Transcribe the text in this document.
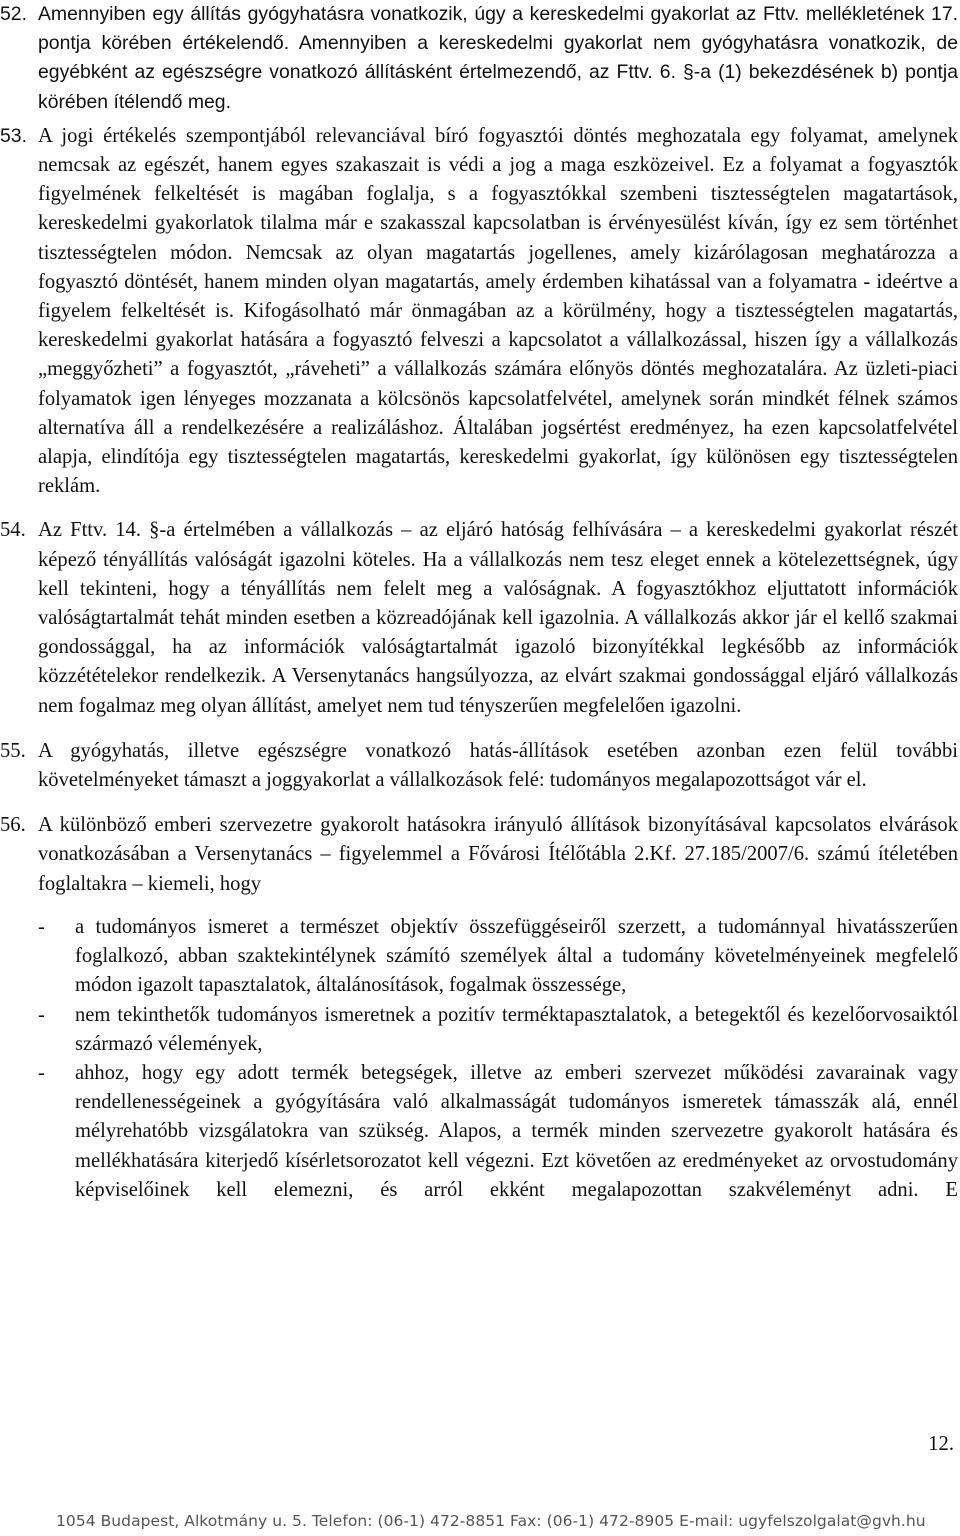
52. Amennyiben egy állítás gyógyhatásra vonatkozik, úgy a kereskedelmi gyakorlat az Fttv. mellékletének 17. pontja körében értékelendő. Amennyiben a kereskedelmi gyakorlat nem gyógyhatásra vonatkozik, de egyébként az egészségre vonatkozó állításként értelmezendő, az Fttv. 6. §-a (1) bekezdésének b) pontja körében ítélendő meg.
53. A jogi értékelés szempontjából relevanciával bíró fogyasztói döntés meghozatala egy folyamat, amelynek nemcsak az egészét, hanem egyes szakaszait is védi a jog a maga eszközeivel. Ez a folyamat a fogyasztók figyelmének felkeltését is magában foglalja, s a fogyasztókkal szembeni tisztességtelen magatartások, kereskedelmi gyakorlatok tilalma már e szakasszal kapcsolatban is érvényesülést kíván, így ez sem történhet tisztességtelen módon. Nemcsak az olyan magatartás jogellenes, amely kizárólagosan meghatározza a fogyasztó döntését, hanem minden olyan magatartás, amely érdemben kihatással van a folyamatra - ideértve a figyelem felkeltését is. Kifogásolható már önmagában az a körülmény, hogy a tisztességtelen magatartás, kereskedelmi gyakorlat hatására a fogyasztó felveszi a kapcsolatot a vállalkozással, hiszen így a vállalkozás „meggyőzheti” a fogyasztót, „ráveheti” a vállalkozás számára előnyös döntés meghozatalára. Az üzleti-piaci folyamatok igen lényeges mozzanata a kölcsönös kapcsolatfelvétel, amelynek során mindkét félnek számos alternatíva áll a rendelkezésére a realizáláshoz. Általában jogsértést eredményez, ha ezen kapcsolatfelvétel alapja, elindítója egy tisztességtelen magatartás, kereskedelmi gyakorlat, így különösen egy tisztességtelen reklám.
54. Az Fttv. 14. §-a értelmében a vállalkozás – az eljáró hatóság felhívására – a kereskedelmi gyakorlat részét képező tényállítás valóságát igazolni köteles. Ha a vállalkozás nem tesz eleget ennek a kötelezettségnek, úgy kell tekinteni, hogy a tényállítás nem felelt meg a valóságnak. A fogyasztókhoz eljuttatott információk valóságtartalmát tehát minden esetben a közreadójának kell igazolnia. A vállalkozás akkor jár el kellő szakmai gondossággal, ha az információk valóságtartalmát igazoló bizonyítékkal legkésőbb az információk közzétételekor rendelkezik. A Versenytanács hangsúlyozza, az elvárt szakmai gondossággal eljáró vállalkozás nem fogalmaz meg olyan állítást, amelyet nem tud tényszerűen megfelelően igazolni.
55. A gyógyhatás, illetve egészségre vonatkozó hatás-állítások esetében azonban ezen felül további követelményeket támaszt a joggyakorlat a vállalkozások felé: tudományos megalapozottságot vár el.
56. A különböző emberi szervezetre gyakorolt hatásokra irányuló állítások bizonyításával kapcsolatos elvárások vonatkozásában a Versenytanács – figyelemmel a Fővárosi Ítélőtábla 2.Kf. 27.185/2007/6. számú ítéletében foglaltakra – kiemeli, hogy
- a tudományos ismeret a természet objektív összefüggéseiről szerzett, a tudománnyal hivatásszerűen foglalkozó, abban szaktekintélynek számító személyek által a tudomány követelményeinek megfelelő módon igazolt tapasztalatok, általánosítások, fogalmak összessége,
- nem tekinthetők tudományos ismeretnek a pozitív terméktapasztalatok, a betegektől és kezelőorvosaiktól származó vélemények,
- ahhoz, hogy egy adott termék betegségek, illetve az emberi szervezet működési zavarainak vagy rendellenességeinek a gyógyítására való alkalmasságát tudományos ismeretek támasszák alá, ennél mélyrehatóbb vizsgálatokra van szükség. Alapos, a termék minden szervezetre gyakorolt hatására és mellékhatására kiterjedő kísérletsorozatot kell végezni. Ezt követően az eredményeket az orvostudomány képviselőinek kell elemezni, és arról ekként megalapozottan szakvéleményt adni. E
12.
1054 Budapest, Alkotmány u. 5. Telefon: (06-1) 472-8851 Fax: (06-1) 472-8905 E-mail: ugyfelszolgalat@gvh.hu
